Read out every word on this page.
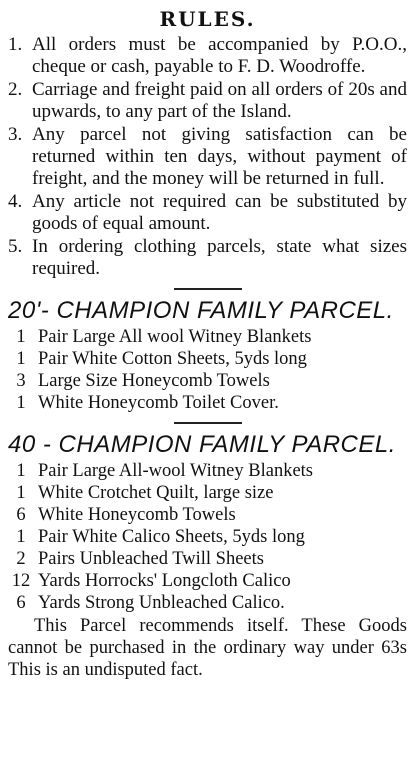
RULES.
1. All orders must be accompanied by P.O.O., cheque or cash, payable to F. D. Woodroffe.
2. Carriage and freight paid on all orders of 20s and upwards, to any part of the Island.
3. Any parcel not giving satisfaction can be returned within ten days, without payment of freight, and the money will be returned in full.
4. Any article not required can be substituted by goods of equal amount.
5. In ordering clothing parcels, state what sizes required.
20'- CHAMPION FAMILY PARCEL.
1 Pair Large All wool Witney Blankets
1 Pair White Cotton Sheets, 5yds long
3 Large Size Honeycomb Towels
1 White Honeycomb Toilet Cover.
40 - CHAMPION FAMILY PARCEL.
1 Pair Large All-wool Witney Blankets
1 White Crotchet Quilt, large size
6 White Honeycomb Towels
1 Pair White Calico Sheets, 5yds long
2 Pairs Unbleached Twill Sheets
12 Yards Horrocks' Longcloth Calico
6 Yards Strong Unbleached Calico.

This Parcel recommends itself. These Goods cannot be purchased in the ordinary way under 63s This is an undisputed fact.
